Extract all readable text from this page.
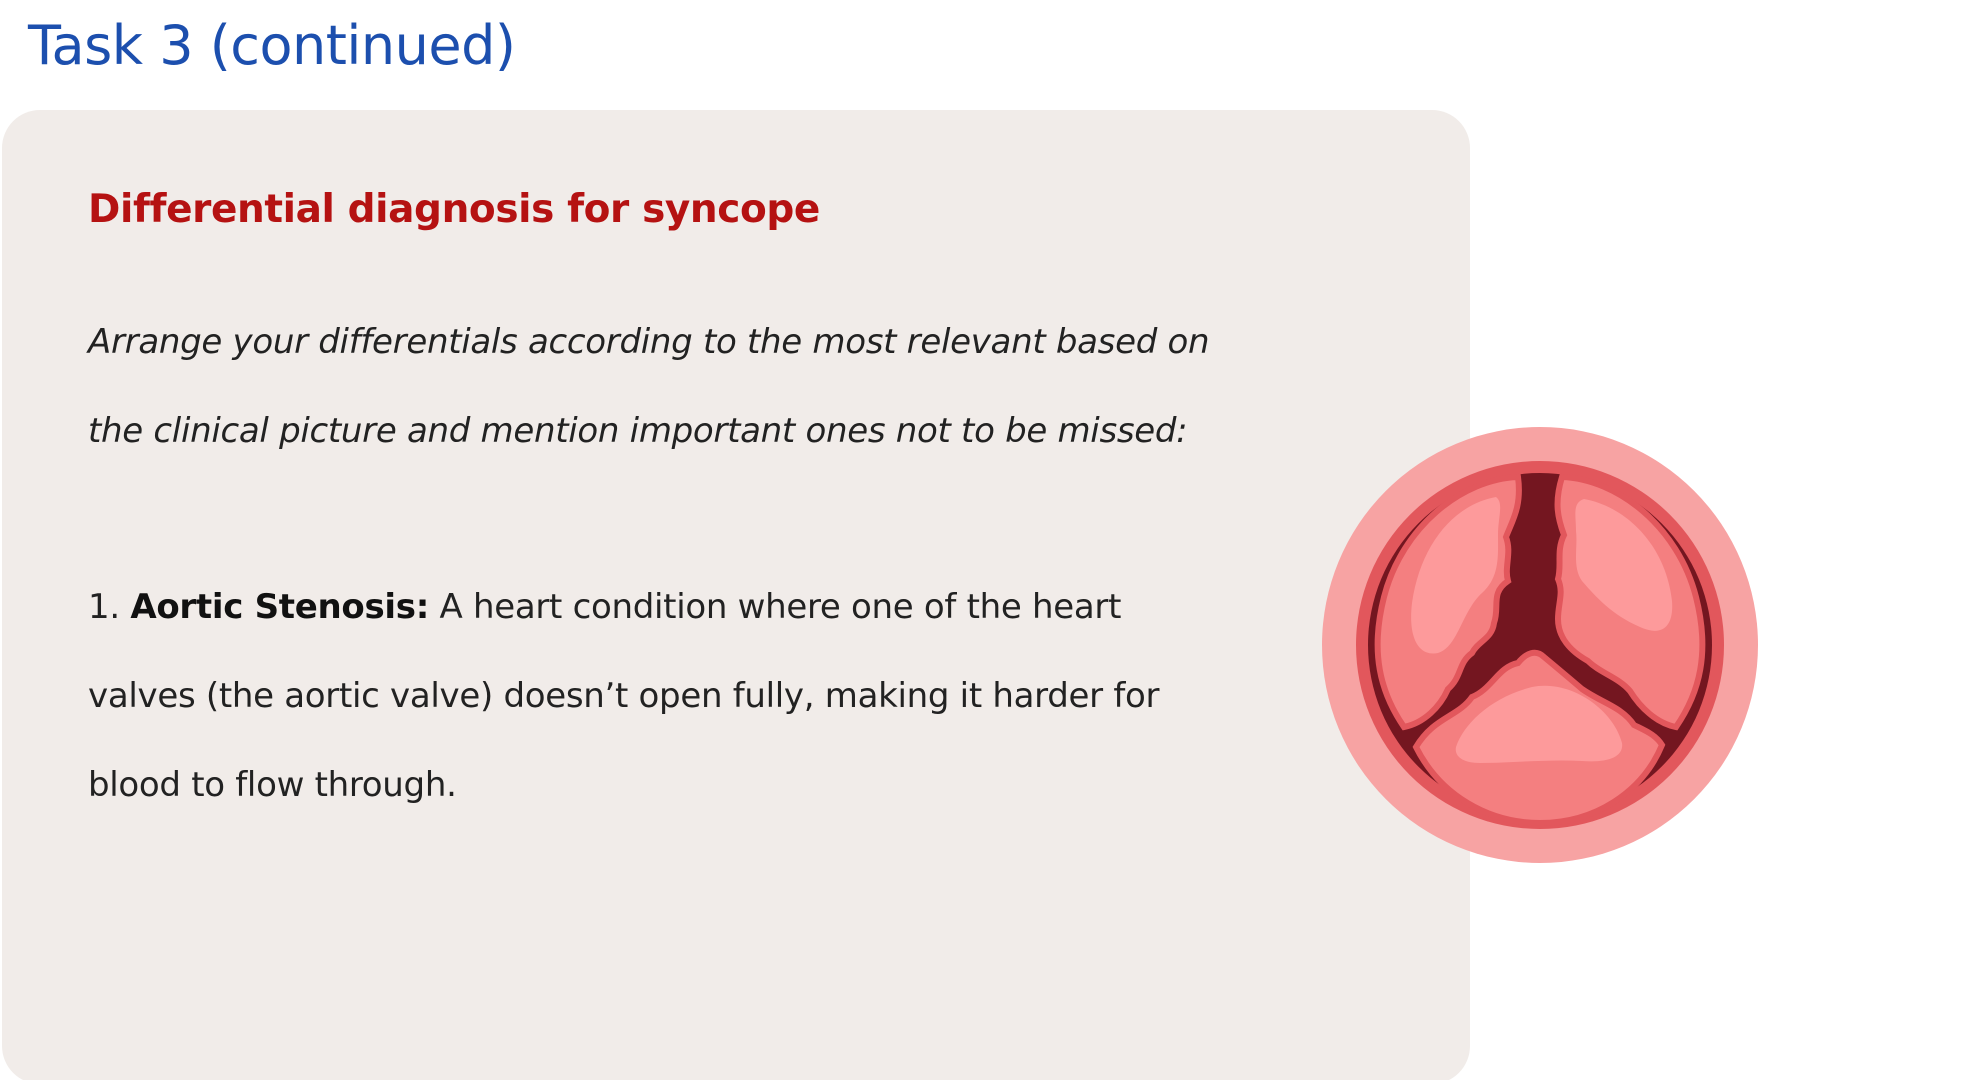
Task 3 (continued)
Differential diagnosis for syncope

Arrange your differentials according to the most relevant based on the clinical picture and mention important ones not to be missed:

1. Aortic Stenosis: A heart condition where one of the heart valves (the aortic valve) doesn’t open fully, making it harder for blood to flow through.
